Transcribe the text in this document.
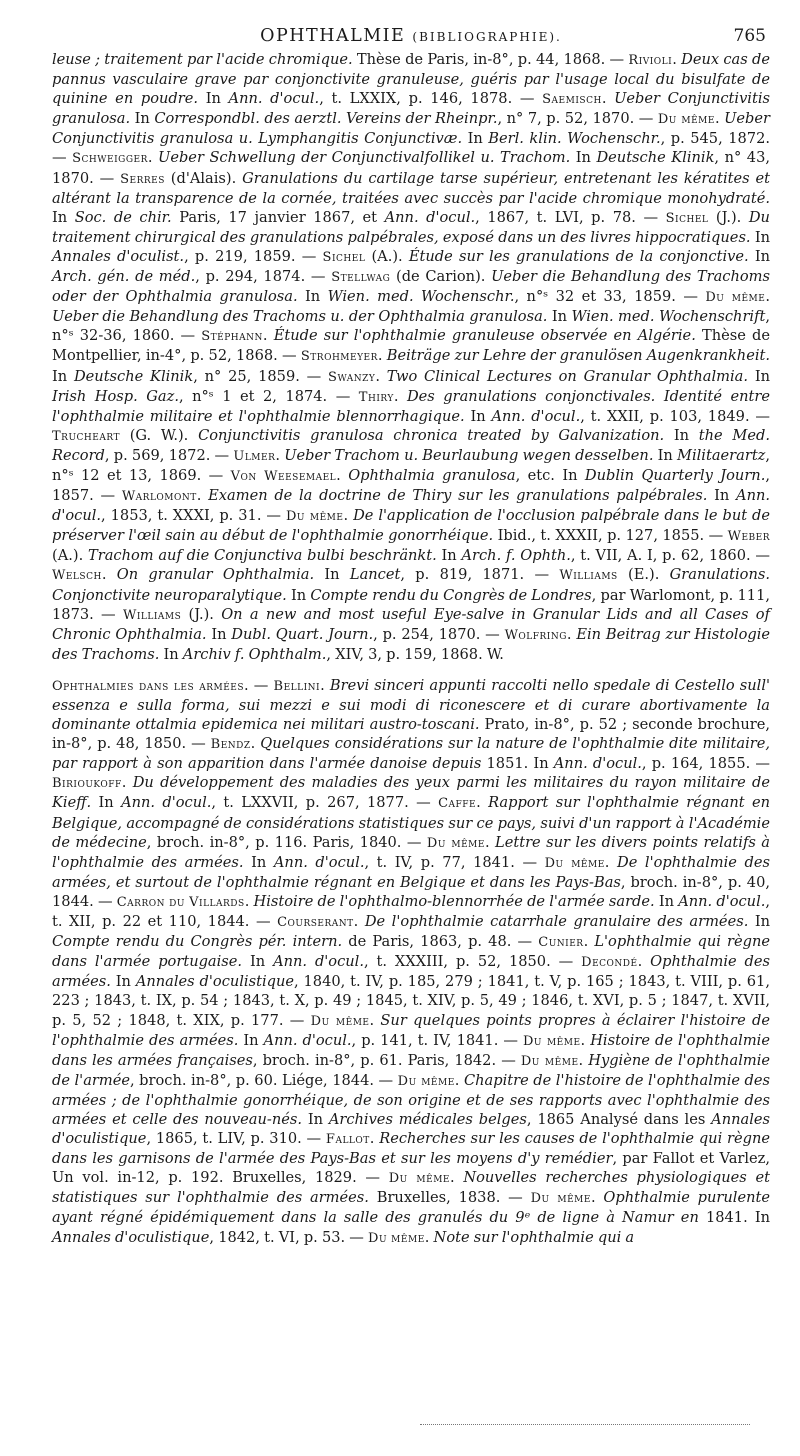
OPHTHALMIE (BIBLIOGRAPHIE).	765

leuse ; traitement par l'acide chromique. Thèse de Paris, in-8°, p. 44, 1868. — Rivioli. Deux cas de pannus vasculaire grave par conjonctivite granuleuse, guéris par l'usage local du bisulfate de quinine en poudre. In Ann. d'ocul., t. LXXIX, p. 146, 1878. — Saemisch. Ueber Conjunctivitis granulosa. In Correspondbl. des aerztl. Vereins der Rheinpr., n° 7, p. 52, 1870. — Du même. Ueber Conjunctivitis granulosa u. Lymphangitis Conjunctivæ. In Berl. klin. Wochenschr., p. 545, 1872. — Schweigger. Ueber Schwellung der Conjunctivalfollikel u. Trachom. In Deutsche Klinik, n° 43, 1870. — Serres (d'Alais). Granulations du cartilage tarse supérieur, entretenant les kératites et altérant la transparence de la cornée, traitées avec succès par l'acide chromique monohydraté. In Soc. de chir. Paris, 17 janvier 1867, et Ann. d'ocul., 1867, t. LVI, p. 78. — Sichel (J.). Du traitement chirurgical des granulations palpébrales, exposé dans un des livres hippocratiques. In Annales d'oculist., p. 219, 1859. — Sichel (A.). Étude sur les granulations de la conjonctive. In Arch. gén. de méd., p. 294, 1874. — Stellwag (de Carion). Ueber die Behandlung des Trachoms oder der Ophthalmia granulosa. In Wien. med. Wochenschr., n°ˢ 32 et 33, 1859. — Du même. Ueber die Behandlung des Trachoms u. der Ophthalmia granulosa. In Wien. med. Wochenschrift, n°ˢ 32-36, 1860. — Stéphann. Étude sur l'ophthalmie granuleuse observée en Algérie. Thèse de Montpellier, in-4°, p. 52, 1868. — Strohmeyer. Beiträge zur Lehre der granulösen Augenkrankheit. In Deutsche Klinik, n° 25, 1859. — Swanzy. Two Clinical Lectures on Granular Ophthalmia. In Irish Hosp. Gaz., n°ˢ 1 et 2, 1874. — Thiry. Des granulations conjonctivales. Identité entre l'ophthalmie militaire et l'ophthalmie blennorrhagique. In Ann. d'ocul., t. XXII, p. 103, 1849. — Trucheart (G. W.). Conjunctivitis granulosa chronica treated by Galvanization. In the Med. Record, p. 569, 1872. — Ulmer. Ueber Trachom u. Beurlaubung wegen desselben. In Militaerartz, n°ˢ 12 et 13, 1869. — Von Weesemael. Ophthalmia granulosa, etc. In Dublin Quarterly Journ., 1857. — Warlomont. Examen de la doctrine de Thiry sur les granulations palpébrales. In Ann. d'ocul., 1853, t. XXXI, p. 31. — Du même. De l'application de l'occlusion palpébrale dans le but de préserver l'œil sain au début de l'ophthalmie gonorrhéique. Ibid., t. XXXII, p. 127, 1855. — Weber (A.). Trachom auf die Conjunctiva bulbi beschränkt. In Arch. f. Ophth., t. VII, A. I, p. 62, 1860. — Welsch. On granular Ophthalmia. In Lancet, p. 819, 1871. — Williams (E.). Granulations. Conjonctivite neuroparalytique. In Compte rendu du Congrès de Londres, par Warlomont, p. 111, 1873. — Williams (J.). On a new and most useful Eye-salve in Granular Lids and all Cases of Chronic Ophthalmia. In Dubl. Quart. Journ., p. 254, 1870. — Wolfring. Ein Beitrag zur Histologie des Trachoms. In Archiv f. Ophthalm., XIV, 3, p. 159, 1868. W.

Ophthalmies dans les armées. — Bellini. Brevi sinceri appunti raccolti nello spedale di Cestello sull' essenza e sulla forma, sui mezzi e sui modi di riconescere et di curare abortivamente la dominante ottalmia epidemica nei militari austro-toscani. Prato, in-8°, p. 52 ; seconde brochure, in-8°, p. 48, 1850. — Bendz. Quelques considérations sur la nature de l'ophthalmie dite militaire, par rapport à son apparition dans l'armée danoise depuis 1851. In Ann. d'ocul., p. 164, 1855. — Birioukoff. Du développement des maladies des yeux parmi les militaires du rayon militaire de Kieff. In Ann. d'ocul., t. LXXVII, p. 267, 1877. — Caffe. Rapport sur l'ophthalmie régnant en Belgique, accompagné de considérations statistiques sur ce pays, suivi d'un rapport à l'Académie de médecine, broch. in-8°, p. 116. Paris, 1840. — Du même. Lettre sur les divers points relatifs à l'ophthalmie des armées. In Ann. d'ocul., t. IV, p. 77, 1841. — Du même. De l'ophthalmie des armées, et surtout de l'ophthalmie régnant en Belgique et dans les Pays-Bas, broch. in-8°, p. 40, 1844. — Carron du Villards. Histoire de l'ophthalmo-blennorrhée de l'armée sarde. In Ann. d'ocul., t. XII, p. 22 et 110, 1844. — Courserant. De l'ophthalmie catarrhale granulaire des armées. In Compte rendu du Congrès pér. intern. de Paris, 1863, p. 48. — Cunier. L'ophthalmie qui règne dans l'armée portugaise. In Ann. d'ocul., t. XXXIII, p. 52, 1850. — Decondé. Ophthalmie des armées. In Annales d'oculistique, 1840, t. IV, p. 185, 279 ; 1841, t. V, p. 165 ; 1843, t. VIII, p. 61, 223 ; 1843, t. IX, p. 54 ; 1843, t. X, p. 49 ; 1845, t. XIV, p. 5, 49 ; 1846, t. XVI, p. 5 ; 1847, t. XVII, p. 5, 52 ; 1848, t. XIX, p. 177. — Du même. Sur quelques points propres à éclairer l'histoire de l'ophthalmie des armées. In Ann. d'ocul., p. 141, t. IV, 1841. — Du même. Histoire de l'ophthalmie dans les armées françaises, broch. in-8°, p. 61. Paris, 1842. — Du même. Hygiène de l'ophthalmie de l'armée, broch. in-8°, p. 60. Liége, 1844. — Du même. Chapitre de l'histoire de l'ophthalmie des armées ; de l'ophthalmie gonorrhéique, de son origine et de ses rapports avec l'ophthalmie des armées et celle des nouveau-nés. In Archives médicales belges, 1865 Analysé dans les Annales d'oculistique, 1865, t. LIV, p. 310. — Fallot. Recherches sur les causes de l'ophthalmie qui règne dans les garnisons de l'armée des Pays-Bas et sur les moyens d'y remédier, par Fallot et Varlez, Un vol. in-12, p. 192. Bruxelles, 1829. — Du même. Nouvelles recherches physiologiques et statistiques sur l'ophthalmie des armées. Bruxelles, 1838. — Du même. Ophthalmie purulente ayant régné épidémiquement dans la salle des granulés du 9ᵉ de ligne à Namur en 1841. In Annales d'oculistique, 1842, t. VI, p. 53. — Du même. Note sur l'ophthalmie qui a
